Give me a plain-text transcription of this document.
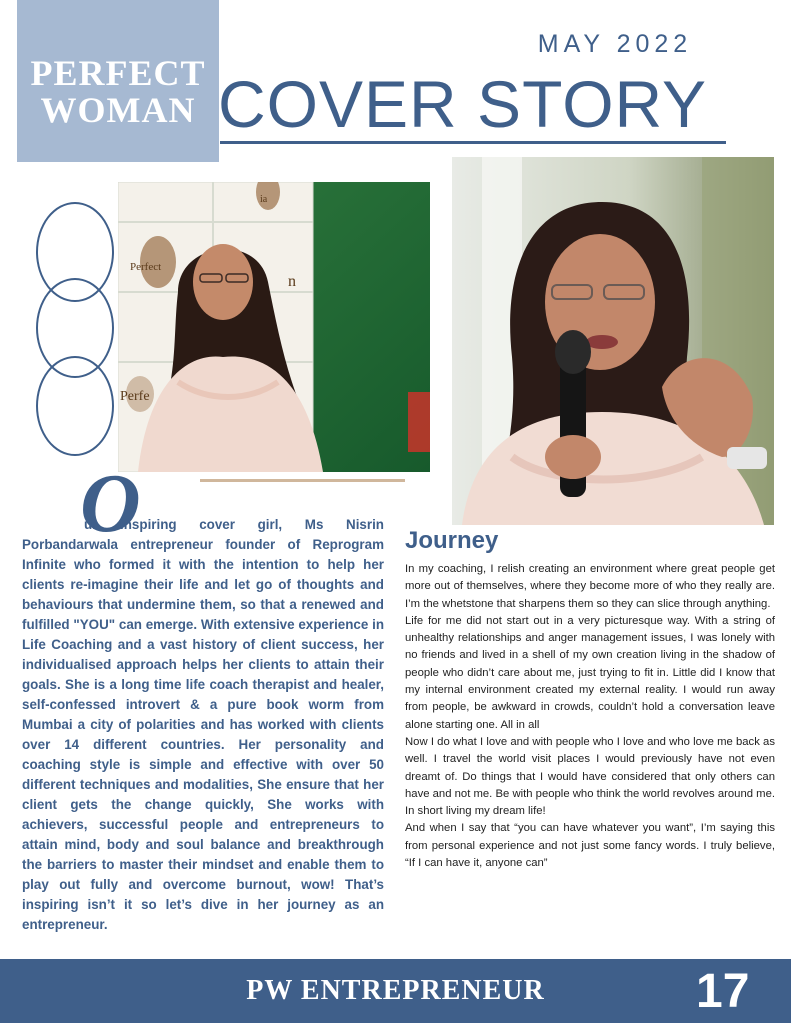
PERFECT
WOMAN
MAY 2022
COVER STORY
Perfect
Perfe
n
ia
O

ur inspiring cover girl, Ms Nisrin Porbandarwala entrepreneur founder of Reprogram Infinite who formed it with the intention to help her clients re-imagine their life and let go of thoughts and behaviours that undermine them, so that a renewed and fulfilled "YOU" can emerge. With extensive experience in Life Coaching and a vast history of client success, her individualised approach helps her clients to attain their goals. She is a long time life coach therapist and healer, self-confessed introvert & a pure book worm from Mumbai a city of polarities and has worked with clients over 14 different countries. Her personality and coaching style is simple and effective with over 50 different techniques and modalities, She ensure that her client gets the change quickly, She works with achievers, successful people and entrepreneurs to attain mind, body and soul balance and breakthrough the barriers to master their mindset and enable them to play out fully and overcome burnout, wow! That’s inspiring isn’t it so let’s dive in her journey as an entrepreneur.

Journey

In my coaching, I relish creating an environment where great people get more out of themselves, where they become more of who they really are. I’m the whetstone that sharpens them so they can slice through anything.

Life for me did not start out in a very picturesque way. With a string of unhealthy relationships and anger management issues, I was lonely with no friends and lived in a shell of my own creation living in the shadow of people who didn’t care about me, just trying to fit in. Little did I know that my internal environment created my external reality. I would run away from people, be awkward in crowds, couldn’t hold a conversation leave alone starting one. All in all

Now I do what I love and with people who I love and who love me back as well. I travel the world visit places I would previously have not even dreamt of. Do things that I would have considered that only others can have and not me. Be with people who think the world revolves around me. In short living my dream life!

And when I say that “you can have whatever you want”, I’m saying this from personal experience and not just some fancy words. I truly believe, “If I can have it, anyone can”

PW ENTREPRENEUR	17
